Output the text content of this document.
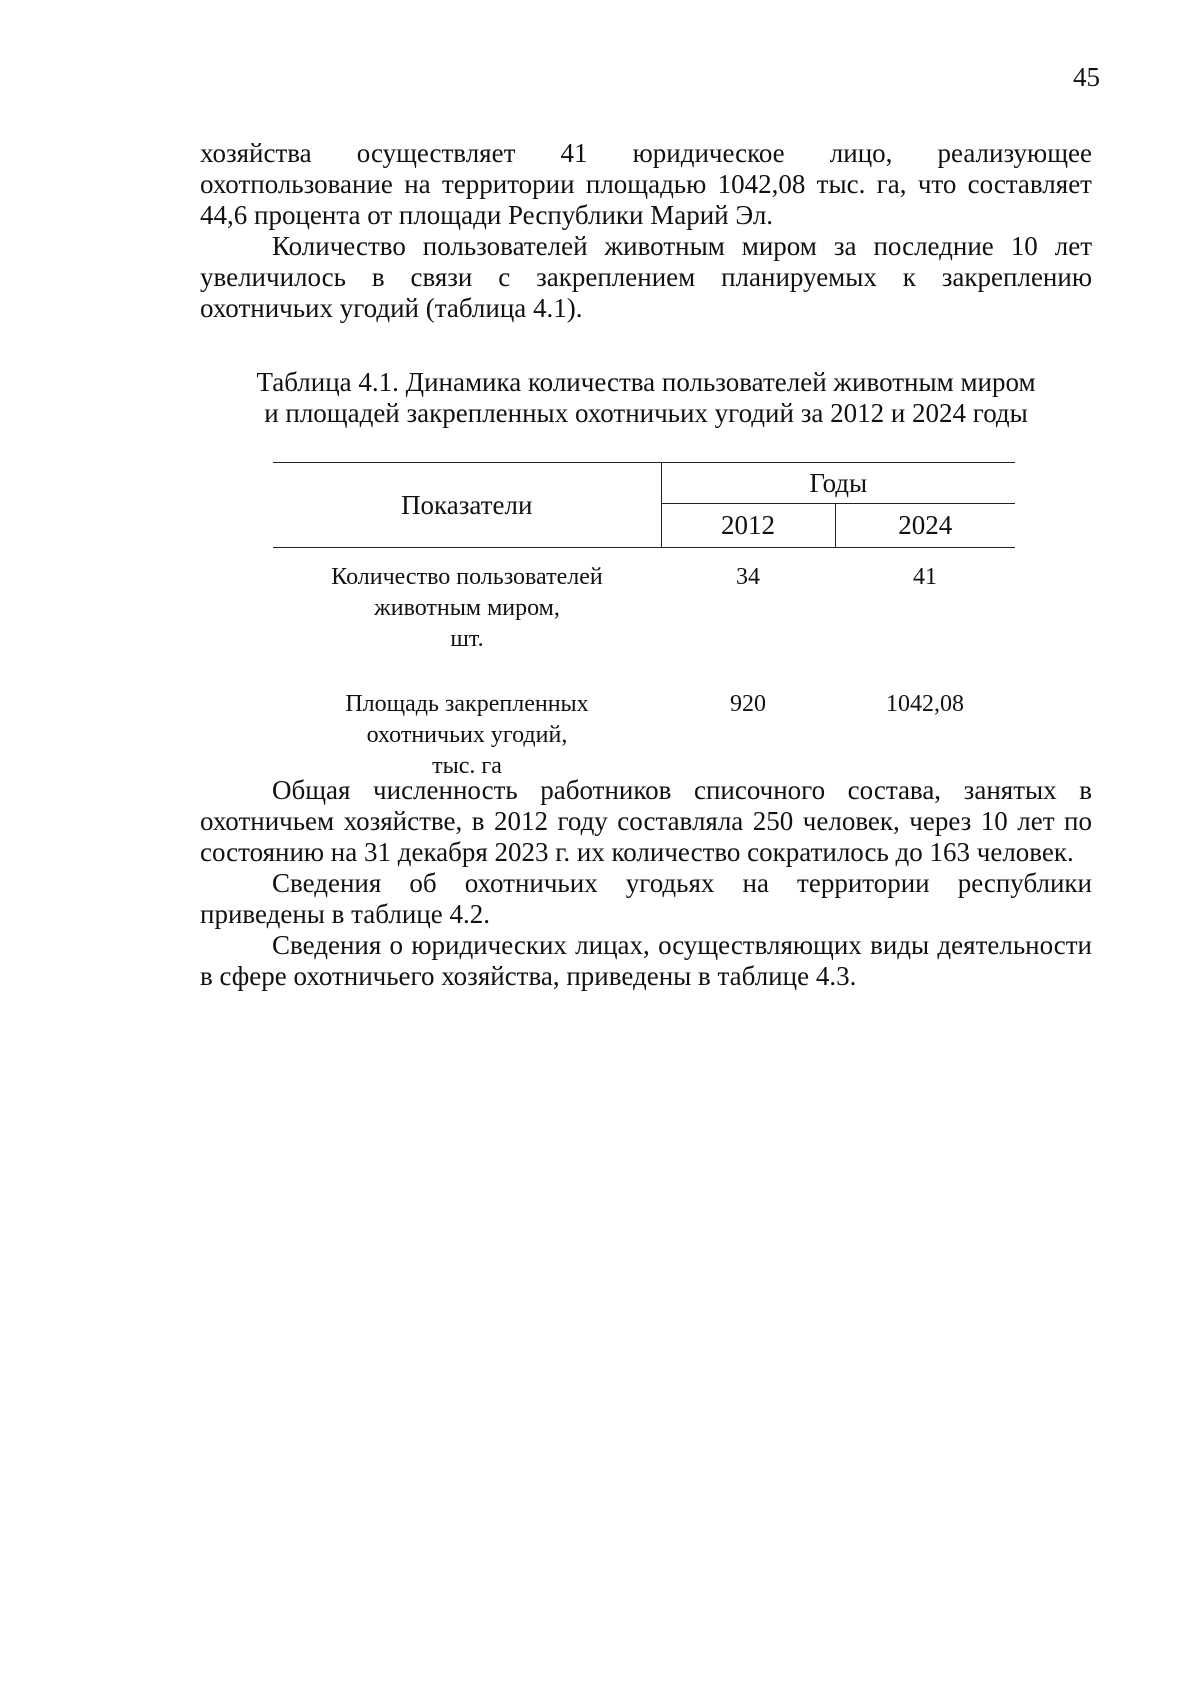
45

хозяйства осуществляет 41 юридическое лицо, реализующее охотпользование на территории площадью 1042,08 тыс. га, что составляет 44,6 процента от площади Республики Марий Эл.

Количество пользователей животным миром за последние 10 лет увеличилось в связи с закреплением планируемых к закреплению охотничьих угодий (таблица 4.1).

Таблица 4.1. Динамика количества пользователей животным миром
и площадей закрепленных охотничьих угодий за 2012 и 2024 годы
Показатели	Годы	
	2012	2024

Количество пользователей
животным миром,
шт.	34	41

Площадь закрепленных
охотничьих угодий,
тыс. га	920	1042,08

Общая численность работников списочного состава, занятых в охотничьем хозяйстве, в 2012 году составляла 250 человек, через 10 лет по состоянию на 31 декабря 2023 г. их количество сократилось до 163 человек.

Сведения об охотничьих угодьях на территории республики приведены в таблице 4.2.

Сведения о юридических лицах, осуществляющих виды деятельности в сфере охотничьего хозяйства, приведены в таблице 4.3.
